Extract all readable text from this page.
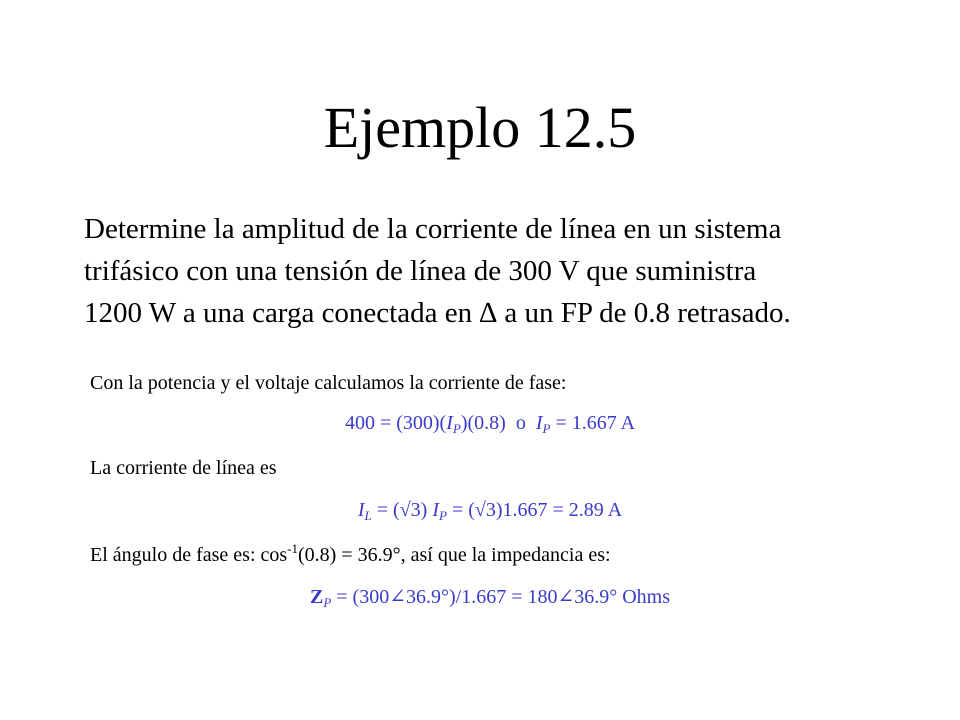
Ejemplo 12.5
Determine la amplitud de la corriente de línea en un sistema
trifásico con una tensión de línea de 300 V que suministra
1200 W a una carga conectada en ∆ a un FP de 0.8 retrasado.
Con la potencia y el voltaje calculamos la corriente de fase:
$400 = (300)(I_P)(0.8)$ o $I_P = 1.667$ A
La corriente de línea es
$I_L = (√3) I_P = (√3)1.667 = 2.89$ A
El ángulo de fase es: $\cos^{-1}(0.8) = 36.9^\circ$, así que la impedancia es:
$Z_P$ = (300∠36.9°)/1.667 = 180∠36.9° Ohms
